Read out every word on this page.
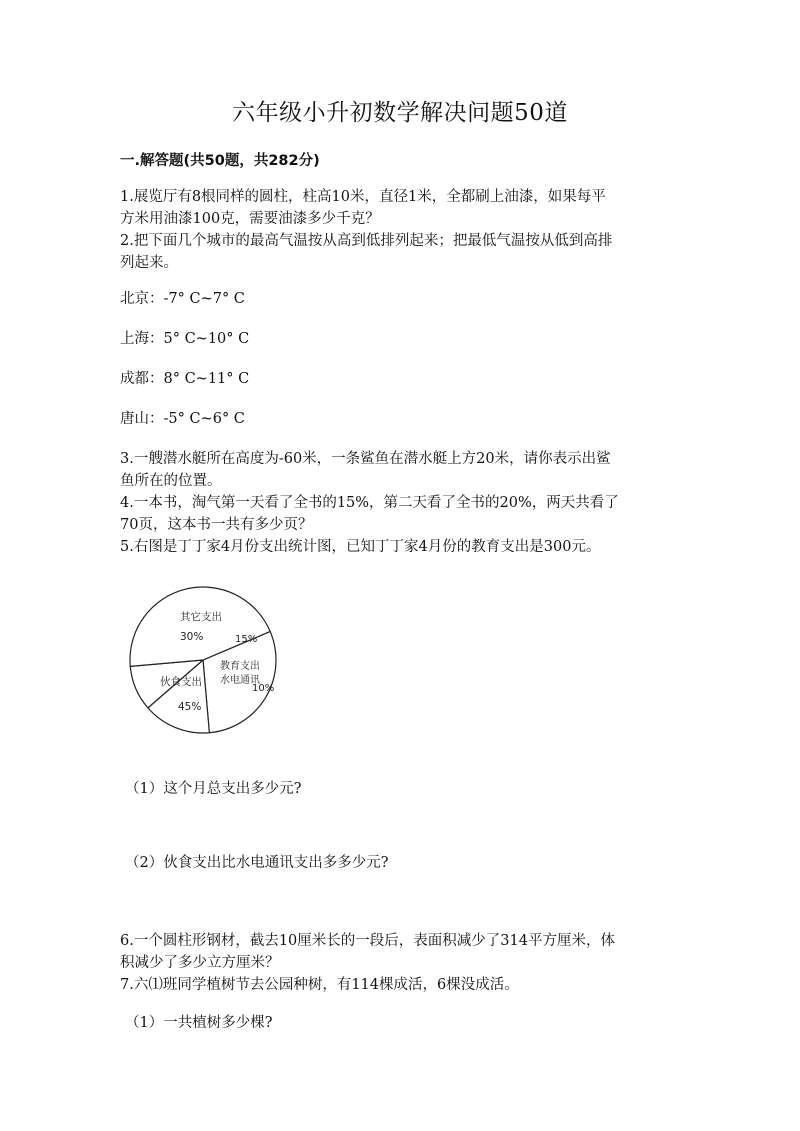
六年级小升初数学解决问题50道
一.解答题(共50题，共282分)
1.展览厅有8根同样的圆柱，柱高10米，直径1米，全都刷上油漆，如果每平
方米用油漆100克，需要油漆多少千克？
2.把下面几个城市的最高气温按从高到低排列起来；把最低气温按从低到高排
列起来。
北京：-7° C~7° C
上海：5° C~10° C
成都：8° C~11° C
唐山：-5° C~6° C
3.一艘潜水艇所在高度为-60米，一条鲨鱼在潜水艇上方20米，请你表示出鲨
鱼所在的位置。
4.一本书，淘气第一天看了全书的15%，第二天看了全书的20%，两天共看了
70页，这本书一共有多少页？
5.右图是丁丁家4月份支出统计图，已知丁丁家4月份的教育支出是300元。
其它支出
30%
教育支出
15%
水电通讯
10%
伙食支出
45%
（1）这个月总支出多少元?
（2）伙食支出比水电通讯支出多多少元?
6.一个圆柱形钢材，截去10厘米长的一段后，表面积减少了314平方厘米，体
积减少了多少立方厘米？
7.六⑴班同学植树节去公园种树，有114棵成活，6棵没成活。
（1）一共植树多少棵?
